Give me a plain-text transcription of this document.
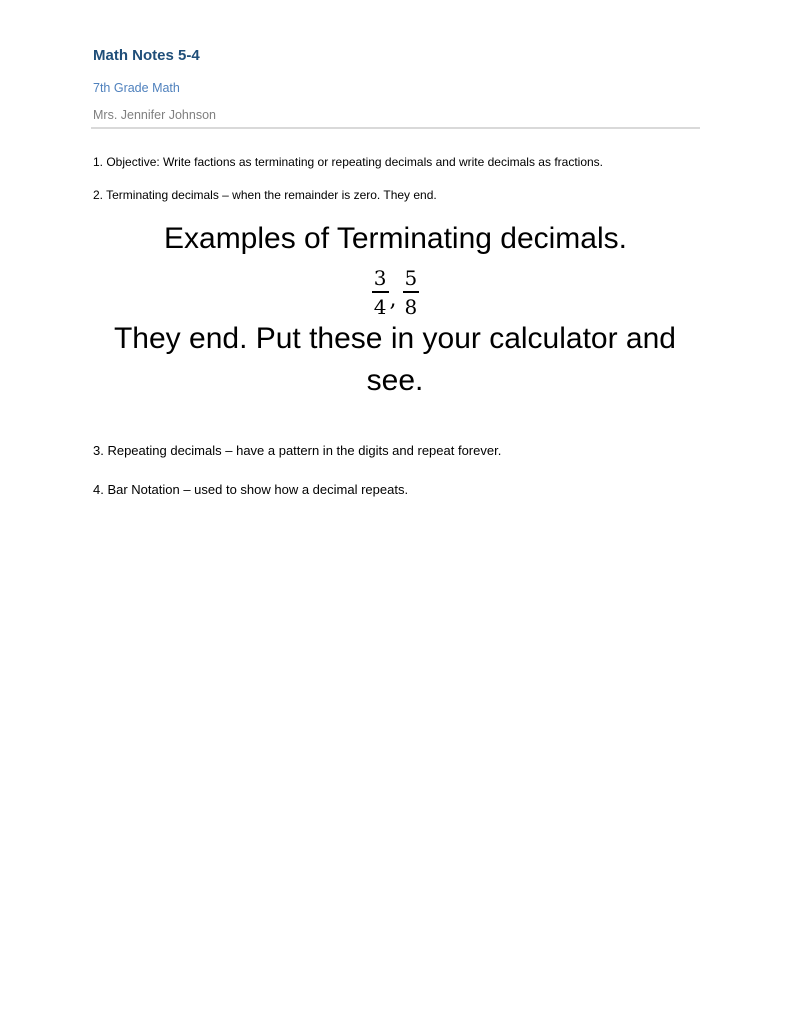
Math Notes 5-4
7th Grade Math
Mrs. Jennifer Johnson
1. Objective: Write factions as terminating or repeating decimals and write decimals as fractions.
2. Terminating decimals – when the remainder is zero. They end.
Examples of Terminating decimals.
$\frac{3}{4}$ , $\frac{5}{8}$
They end. Put these in your calculator and see.
3. Repeating decimals – have a pattern in the digits and repeat forever.
4. Bar Notation – used to show how a decimal repeats.
